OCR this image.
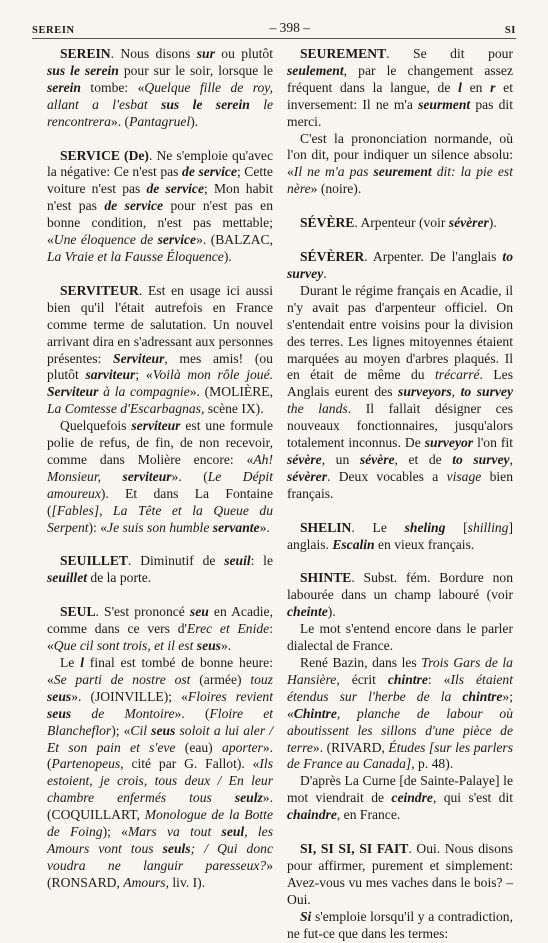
SEREIN	– 398 –	SI

SEREIN. Nous disons sur ou plutôt sus le serein pour sur le soir, lorsque le serein tombe: «Quelque fille de roy, allant a l'esbat sus le serein le rencontrera». (Pantagruel).

SERVICE (De). Ne s'emploie qu'avec la négative: Ce n'est pas de service; Cette voiture n'est pas de service; Mon habit n'est pas de service pour n'est pas en bonne condition, n'est pas mettable; «Une éloquence de service». (BALZAC, La Vraie et la Fausse Éloquence).

SERVITEUR. Est en usage ici aussi bien qu'il l'était autrefois en France comme terme de salutation. Un nouvel arrivant dira en s'adressant aux personnes présentes: Serviteur, mes amis! (ou plutôt sarviteur; «Voilà mon rôle joué. Serviteur à la compagnie». (MOLIÈRE, La Comtesse d'Escarbagnas, scène IX).

Quelquefois serviteur est une formule polie de refus, de fin, de non recevoir, comme dans Molière encore: «Ah! Monsieur, serviteur». (Le Dépit amoureux). Et dans La Fontaine ([Fables], La Tête et la Queue du Serpent): «Je suis son humble servante».

SEUILLET. Diminutif de seuil: le seuillet de la porte.

SEUL. S'est prononcé seu en Acadie, comme dans ce vers d'Erec et Enide: «Que cil sont trois, et il est seus».

Le l final est tombé de bonne heure: «Se parti de nostre ost (armée) touz seus». (JOINVILLE); «Floires revient seus de Montoire». (Floire et Blancheflor); «Cil seus soloit a lui aler / Et son pain et s'eve (eau) aporter». (Partenopeus, cité par G. Fallot). «Ils estoient, je crois, tous deux / En leur chambre enfermés tous seulz». (COQUILLART, Monologue de la Botte de Foing); «Mars va tout seul, les Amours vont tous seuls; / Qui donc voudra ne languir paresseux?» (RONSARD, Amours, liv. I).

SEUREMENT. Se dit pour seulement, par le changement assez fréquent dans la langue, de l en r et inversement: Il ne m'a seurment pas dit merci.

C'est la prononciation normande, où l'on dit, pour indiquer un silence absolu: «Il ne m'a pas seurement dit: la pie est nère» (noire).

SÉVÈRE. Arpenteur (voir sévèrer).

SÉVÈRER. Arpenter. De l'anglais to survey.

Durant le régime français en Acadie, il n'y avait pas d'arpenteur officiel. On s'entendait entre voisins pour la division des terres. Les lignes mitoyennes étaient marquées au moyen d'arbres plaqués. Il en était de même du trécarré. Les Anglais eurent des surveyors, to survey the lands. Il fallait désigner ces nouveaux fonctionnaires, jusqu'alors totalement inconnus. De surveyor l'on fit sévère, un sévère, et de to survey, sévèrer. Deux vocables a visage bien français.

SHELIN. Le sheling [shilling] anglais. Escalin en vieux français.

SHINTE. Subst. fém. Bordure non labourée dans un champ labouré (voir cheinte).

Le mot s'entend encore dans le parler dialectal de France.

René Bazin, dans les Trois Gars de la Hansière, écrit chintre: «Ils étaient étendus sur l'herbe de la chintre»; «Chintre, planche de labour où aboutissent les sillons d'une pièce de terre». (RIVARD, Études [sur les parlers de France au Canada], p. 48).

D'après La Curne [de Sainte-Palaye] le mot viendrait de ceindre, qui s'est dit chaindre, en France.

SI, SI SI, SI FAIT. Oui. Nous disons pour affirmer, purement et simplement: Avez-vous vu mes vaches dans le bois? – Oui.

Si s'emploie lorsqu'il y a contradiction, ne fut-ce que dans les termes:
